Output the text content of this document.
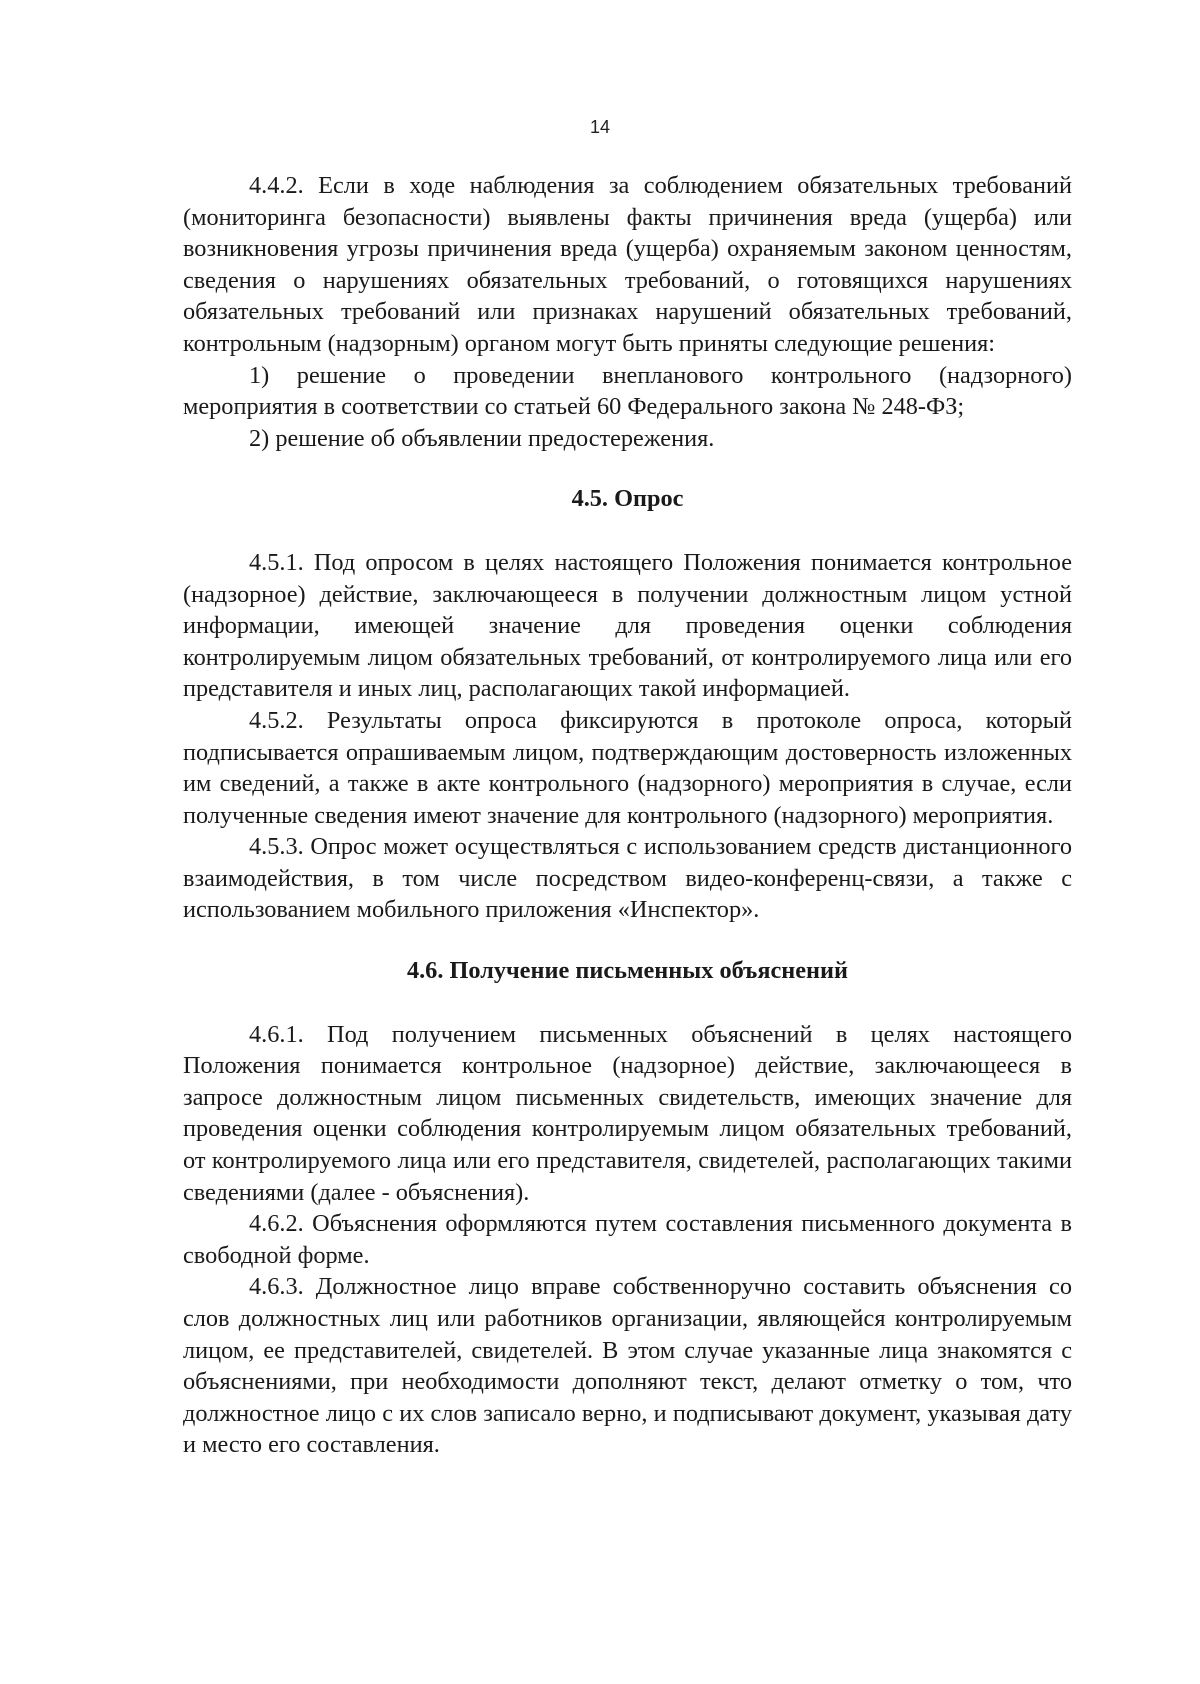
14

4.4.2. Если в ходе наблюдения за соблюдением обязательных требований (мониторинга безопасности) выявлены факты причинения вреда (ущерба) или возникновения угрозы причинения вреда (ущерба) охраняемым законом ценностям, сведения о нарушениях обязательных требований, о готовящихся нарушениях обязательных требований или признаках нарушений обязательных требований, контрольным (надзорным) органом могут быть приняты следующие решения:

1) решение о проведении внепланового контрольного (надзорного) мероприятия в соответствии со статьей 60 Федерального закона № 248-ФЗ;

2) решение об объявлении предостережения.

4.5. Опрос

4.5.1. Под опросом в целях настоящего Положения понимается контрольное (надзорное) действие, заключающееся в получении должностным лицом устной информации, имеющей значение для проведения оценки соблюдения контролируемым лицом обязательных требований, от контролируемого лица или его представителя и иных лиц, располагающих такой информацией.

4.5.2. Результаты опроса фиксируются в протоколе опроса, который подписывается опрашиваемым лицом, подтверждающим достоверность изложенных им сведений, а также в акте контрольного (надзорного) мероприятия в случае, если полученные сведения имеют значение для контрольного (надзорного) мероприятия.

4.5.3. Опрос может осуществляться с использованием средств дистанционного взаимодействия, в том числе посредством видео-конференц-связи, а также с использованием мобильного приложения «Инспектор».

4.6. Получение письменных объяснений

4.6.1. Под получением письменных объяснений в целях настоящего Положения понимается контрольное (надзорное) действие, заключающееся в запросе должностным лицом письменных свидетельств, имеющих значение для проведения оценки соблюдения контролируемым лицом обязательных требований, от контролируемого лица или его представителя, свидетелей, располагающих такими сведениями (далее - объяснения).

4.6.2. Объяснения оформляются путем составления письменного документа в свободной форме.

4.6.3. Должностное лицо вправе собственноручно составить объяснения со слов должностных лиц или работников организации, являющейся контролируемым лицом, ее представителей, свидетелей. В этом случае указанные лица знакомятся с объяснениями, при необходимости дополняют текст, делают отметку о том, что должностное лицо с их слов записало верно, и подписывают документ, указывая дату и место его составления.
